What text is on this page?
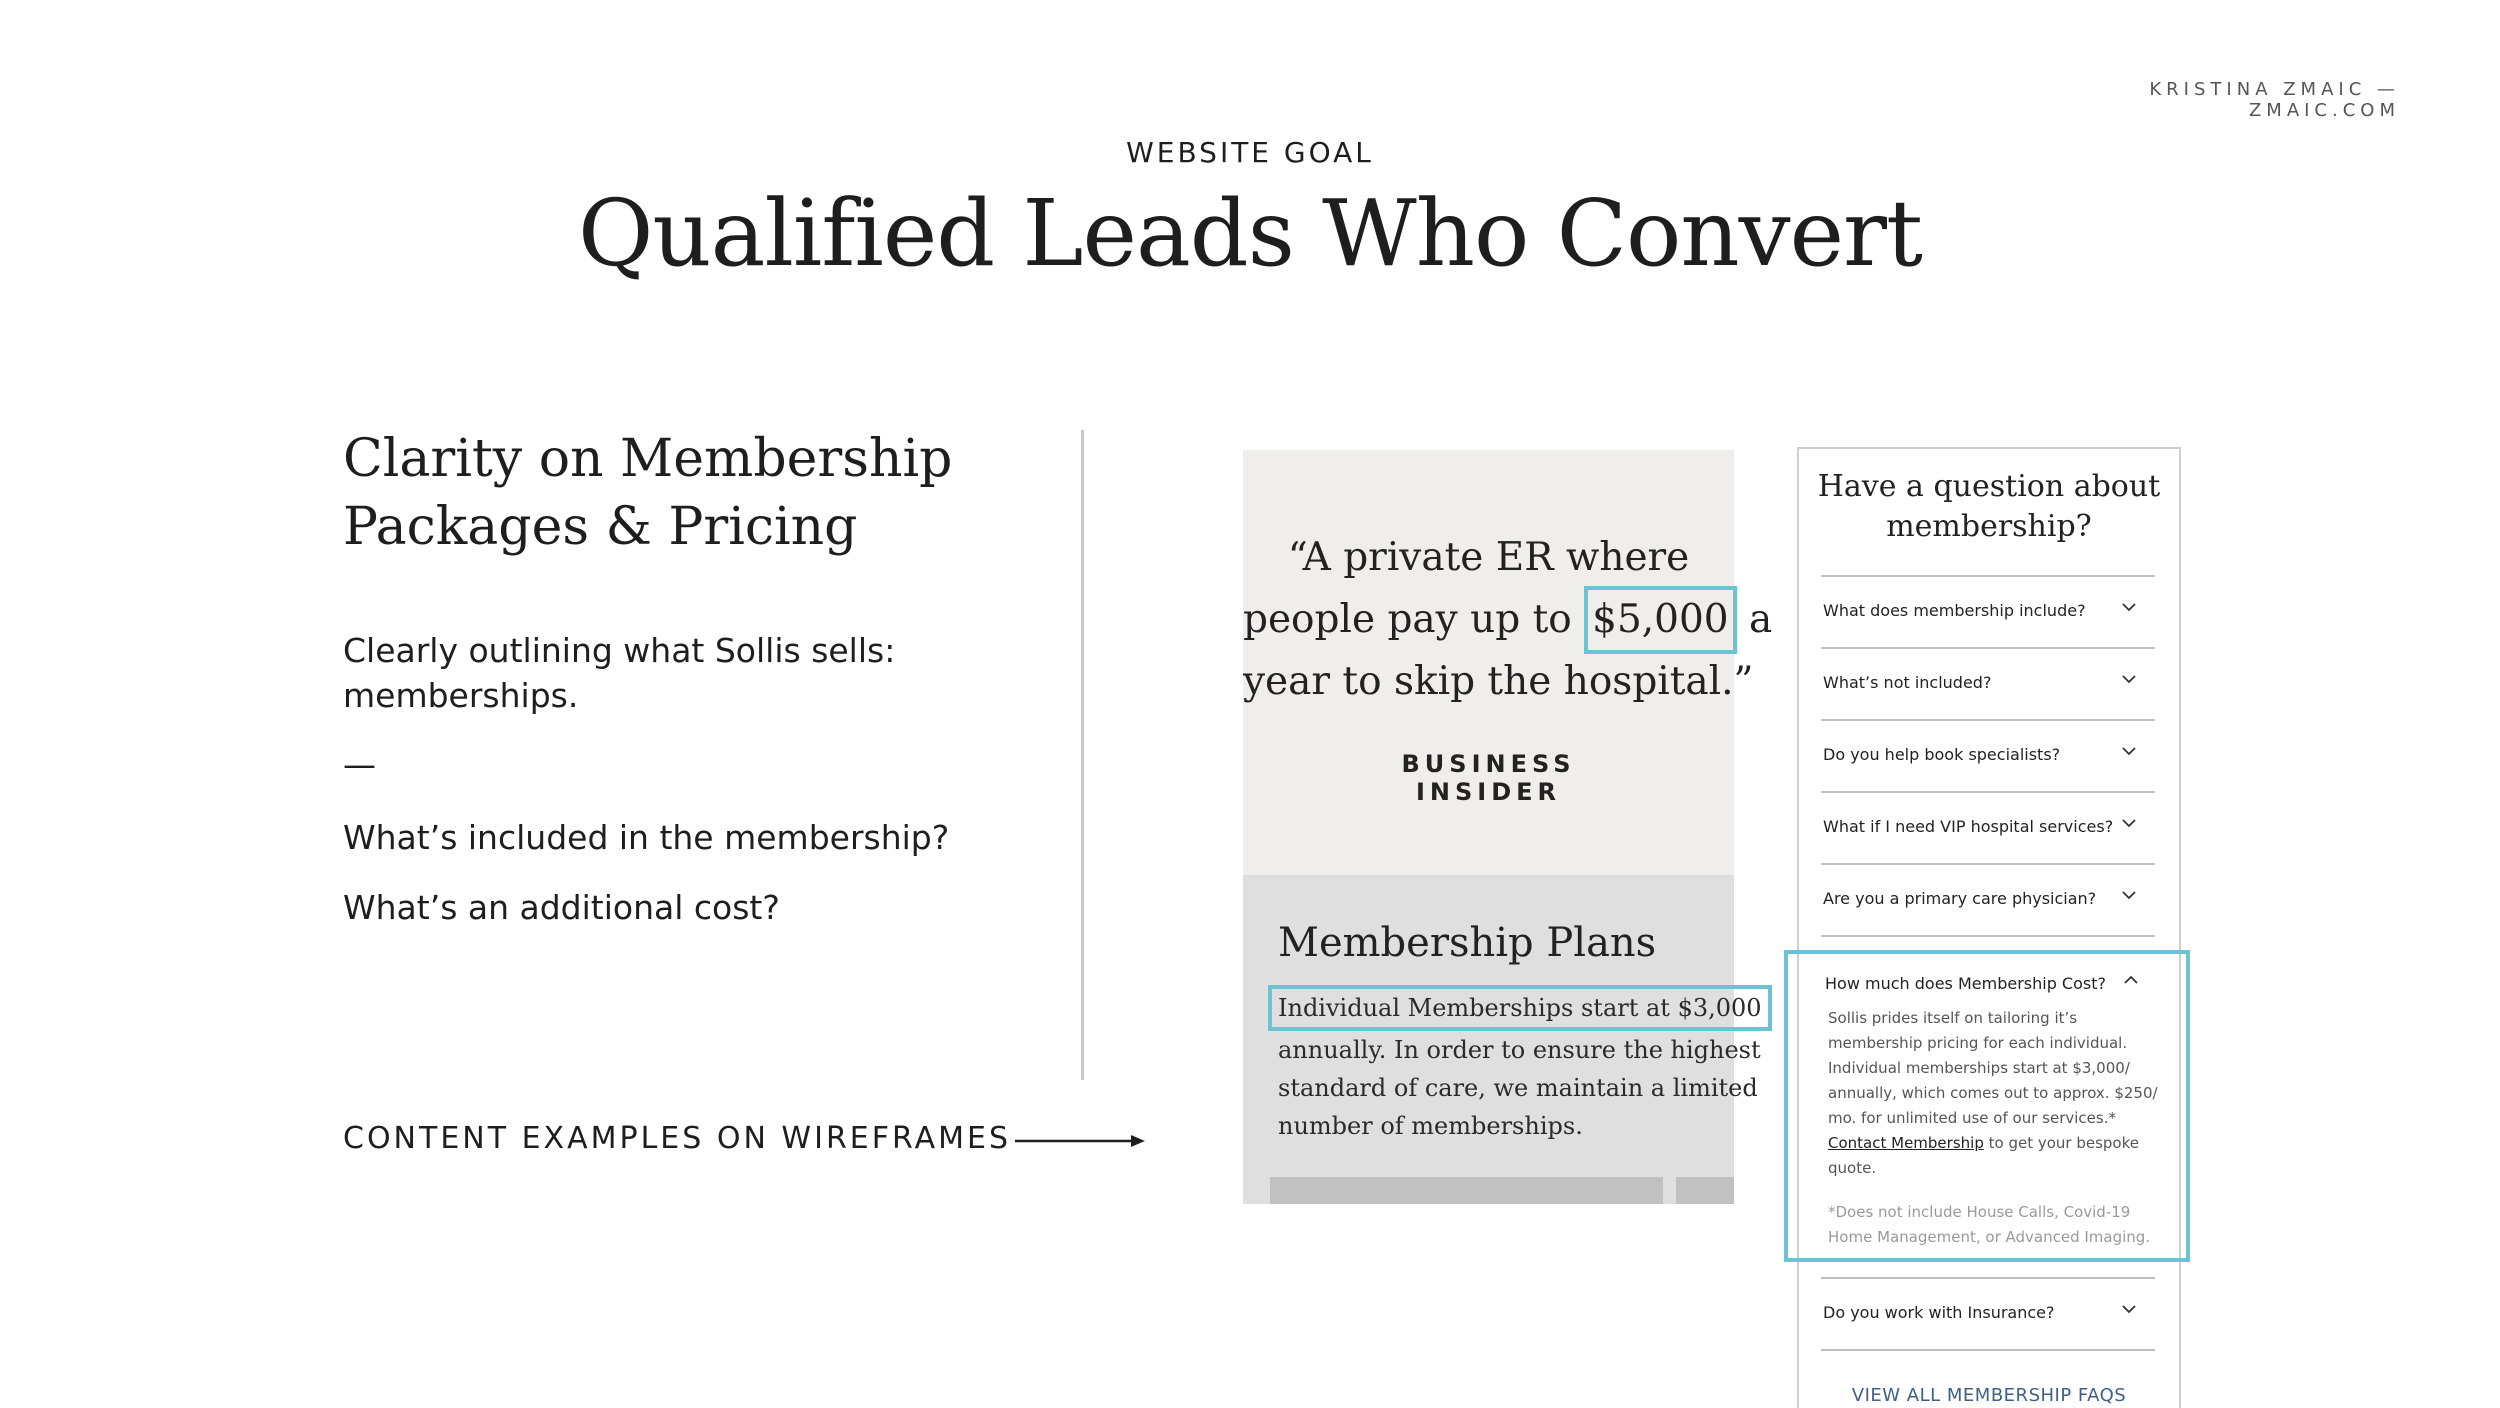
KRISTINA ZMAIC — ZMAIC.COM
WEBSITE GOAL
Qualified Leads Who Convert
Clarity on Membership
Packages & Pricing
Clearly outlining what Sollis sells: memberships.
—
What’s included in the membership?
What’s an additional cost?
CONTENT EXAMPLES ON WIREFRAMES
“A private ER where
people pay up to $5,000 a
year to skip the hospital.”
BUSINESS
INSIDER
Membership Plans
Individual Memberships start at $3,000
annually. In order to ensure the highest
standard of care, we maintain a limited
number of memberships.
Have a question about
membership?
What does membership include?
What’s not included?
Do you help book specialists?
What if I need VIP hospital services?
Are you a primary care physician?
Do you work with Insurance?
VIEW ALL MEMBERSHIP FAQS
How much does Membership Cost?
Sollis prides itself on tailoring it’s
membership pricing for each individual.
Individual memberships start at $3,000/
annually, which comes out to approx. $250/
mo. for unlimited use of our services.*
Contact Membership to get your bespoke
quote.
*Does not include House Calls, Covid-19
Home Management, or Advanced Imaging.
